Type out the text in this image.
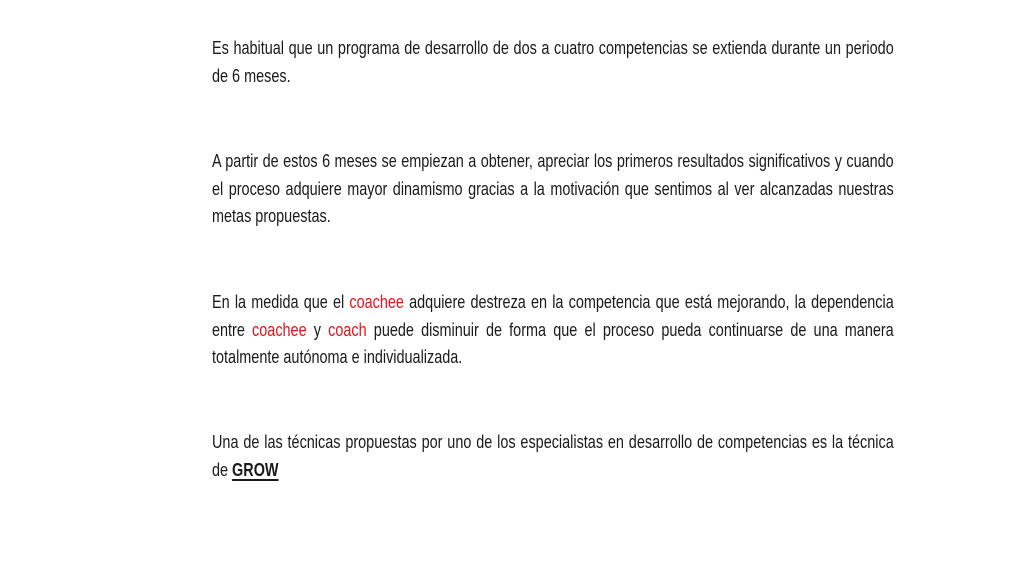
Es habitual que un programa de desarrollo de dos a cuatro competencias se extienda durante un periodo de 6 meses.

A partir de estos 6 meses se empiezan a obtener, apreciar los primeros resultados significativos y cuando el proceso adquiere mayor dinamismo gracias a la motivación que sentimos al ver alcanzadas nuestras metas propuestas.

En la medida que el coachee adquiere destreza en la competencia que está mejorando, la dependencia entre coachee y coach puede disminuir de forma que el proceso pueda continuarse de una manera totalmente autónoma e individualizada.

Una de las técnicas propuestas por uno de los especialistas en desarrollo de competencias es la técnica de GROW
